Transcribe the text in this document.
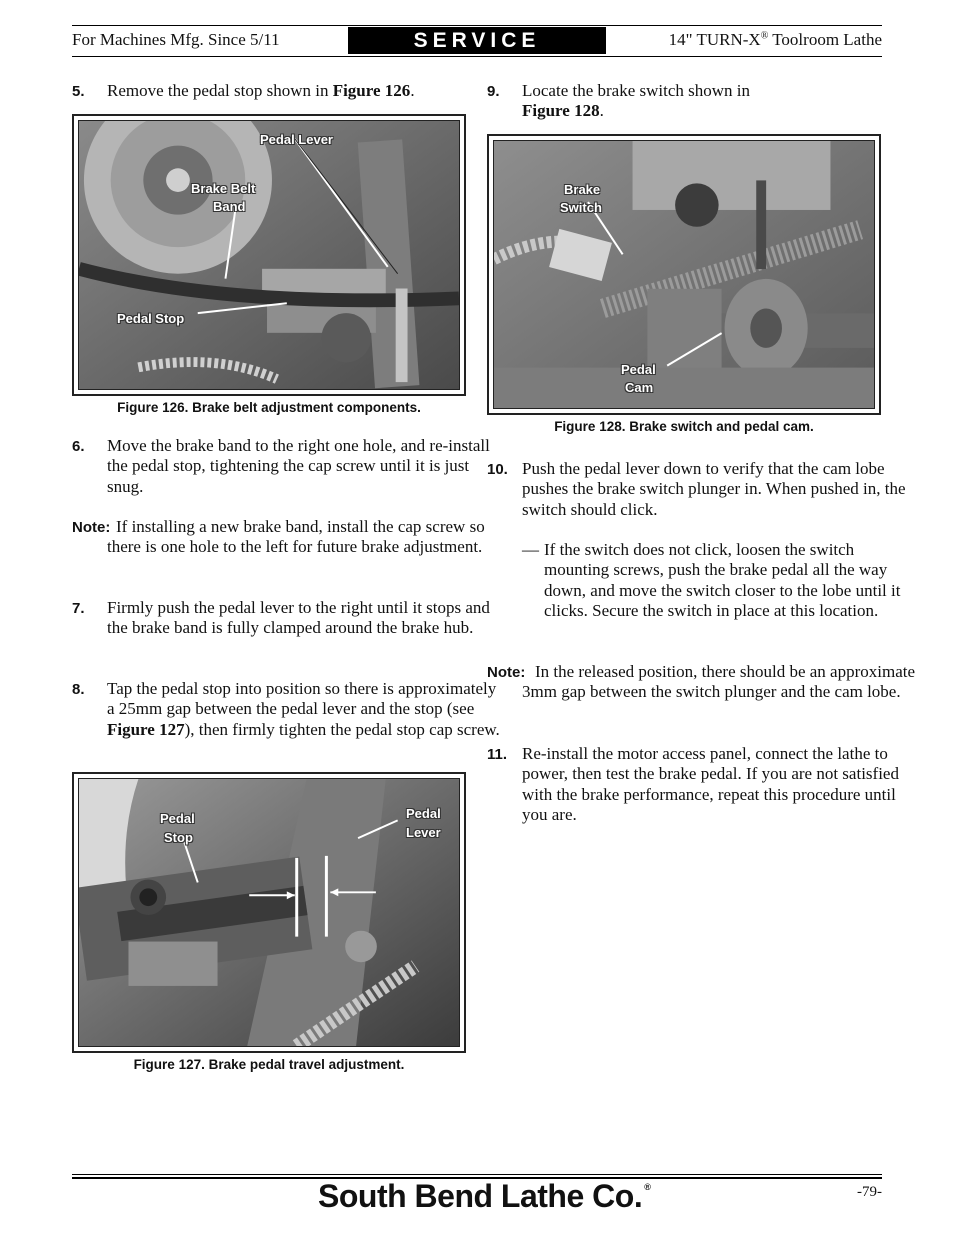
For Machines Mfg. Since 5/11	SERVICE	14" TURN-X® Toolroom Lathe
5. Remove the pedal stop shown in Figure 126.
Pedal Lever
Brake Belt
Band
Pedal Stop
Figure 126. Brake belt adjustment components.
6. Move the brake band to the right one hole, and re-install the pedal stop, tightening the cap screw until it is just snug.
Note: If installing a new brake band, install the cap screw so there is one hole to the left for future brake adjustment.
7. Firmly push the pedal lever to the right until it stops and the brake band is fully clamped around the brake hub.
8. Tap the pedal stop into position so there is approximately a 25mm gap between the pedal lever and the stop (see Figure 127), then firmly tighten the pedal stop cap screw.
Pedal
Stop
Pedal
Lever
Figure 127. Brake pedal travel adjustment.
9. Locate the brake switch shown in
Figure 128.
Brake
Switch
Pedal
Cam
Figure 128. Brake switch and pedal cam.
10. Push the pedal lever down to verify that the cam lobe pushes the brake switch plunger in. When pushed in, the switch should click.
— If the switch does not click, loosen the switch mounting screws, push the brake pedal all the way down, and move the switch closer to the lobe until it clicks. Secure the switch in place at this location.
Note: In the released position, there should be an approximate 3mm gap between the switch plunger and the cam lobe.
11. Re-install the motor access panel, connect the lathe to power, then test the brake pedal. If you are not satisfied with the brake performance, repeat this procedure until you are.
South Bend Lathe Co. ®	-79-
